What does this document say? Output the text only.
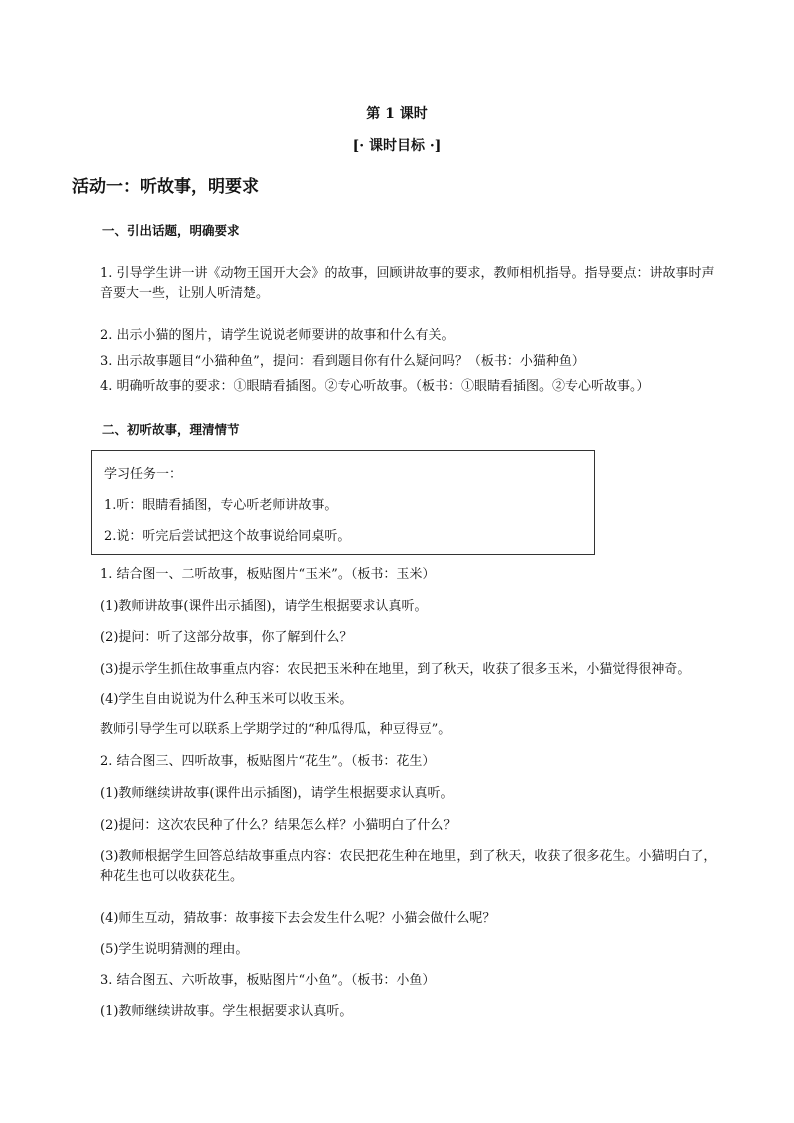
第 1 课时
[· 课时目标 ·]
活动一：听故事，明要求
一、引出话题，明确要求
1. 引导学生讲一讲《动物王国开大会》的故事，回顾讲故事的要求，教师相机指导。指导要点：讲故事时声音要大一些，让别人听清楚。
2. 出示小猫的图片，请学生说说老师要讲的故事和什么有关。
3. 出示故事题目“小猫种鱼”，提问：看到题目你有什么疑问吗？（板书：小猫种鱼）
4. 明确听故事的要求：①眼睛看插图。②专心听故事。（板书：①眼睛看插图。②专心听故事。）
二、初听故事，理清情节
学习任务一：
1.听：眼睛看插图，专心听老师讲故事。
2.说：听完后尝试把这个故事说给同桌听。
1. 结合图一、二听故事，板贴图片“玉米”。（板书：玉米）
(1)教师讲故事(课件出示插图)，请学生根据要求认真听。
(2)提问：听了这部分故事，你了解到什么？
(3)提示学生抓住故事重点内容：农民把玉米种在地里，到了秋天，收获了很多玉米，小猫觉得很神奇。
(4)学生自由说说为什么种玉米可以收玉米。
教师引导学生可以联系上学期学过的“种瓜得瓜，种豆得豆”。
2. 结合图三、四听故事，板贴图片“花生”。（板书：花生）
(1)教师继续讲故事(课件出示插图)，请学生根据要求认真听。
(2)提问：这次农民种了什么？结果怎么样？小猫明白了什么？
(3)教师根据学生回答总结故事重点内容：农民把花生种在地里，到了秋天，收获了很多花生。小猫明白了，种花生也可以收获花生。
(4)师生互动，猜故事：故事接下去会发生什么呢？小猫会做什么呢？
(5)学生说明猜测的理由。
3. 结合图五、六听故事，板贴图片“小鱼”。（板书：小鱼）
(1)教师继续讲故事。学生根据要求认真听。
